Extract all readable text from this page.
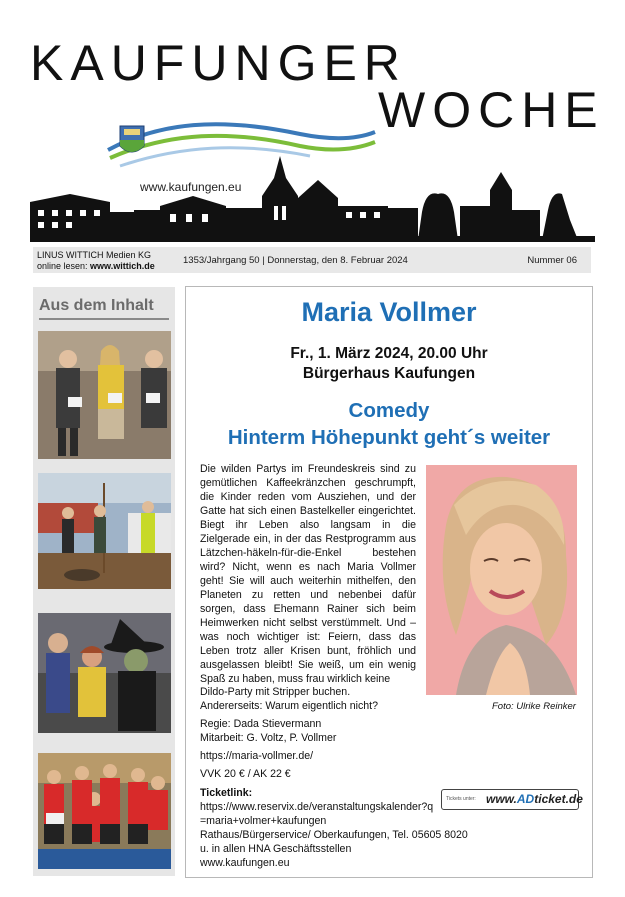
KAUFUNGER
WOCHE
www.kaufungen.eu
LINUS WITTICH Medien KG
online lesen: www.wittich.de	1353/Jahrgang 50 | Donnerstag, den 8. Februar 2024	Nummer 06
Aus dem Inhalt	Maria Vollmer
Fr., 1. März 2024, 20.00 Uhr
Bürgerhaus Kaufungen
Comedy
Hinterm Höhepunkt geht´s weiter
Die wilden Partys im Freundeskreis sind zu gemütlichen Kaffeekränzchen geschrumpft, die Kinder reden vom Ausziehen, und der Gatte hat sich einen Bastelkeller eingerichtet. Biegt ihr Leben also langsam in die Zielgerade ein, in der das Restprogramm aus Lätzchen-häkeln-für-die-Enkel bestehen wird? Nicht, wenn es nach Maria Vollmer geht! Sie will auch weiterhin mithelfen, den Planeten zu retten und nebenbei dafür sorgen, dass Ehemann Rainer sich beim Heimwerken nicht selbst verstümmelt. Und – was noch wichtiger ist: Feiern, dass das Leben trotz aller Krisen bunt, fröhlich und ausgelassen bleibt! Sie weiß, um ein wenig Spaß zu haben, muss frau wirklich keine
Dildo-Party mit Stripper buchen.
Andererseits: Warum eigentlich nicht?
Regie: Dada Stievermann
Mitarbeit: G. Voltz, P. Vollmer
https://maria-vollmer.de/
VVK 20 € / AK 22 €
Ticketlink:
https://www.reservix.de/veranstaltungskalender?q
=maria+volmer+kaufungen
Rathaus/Bürgerservice/ Oberkaufungen, Tel. 05605 8020
u. in allen HNA Geschäftsstellen
www.kaufungen.eu
Foto: Ulrike Reinker
Tickets unter: www.ADticket.de
